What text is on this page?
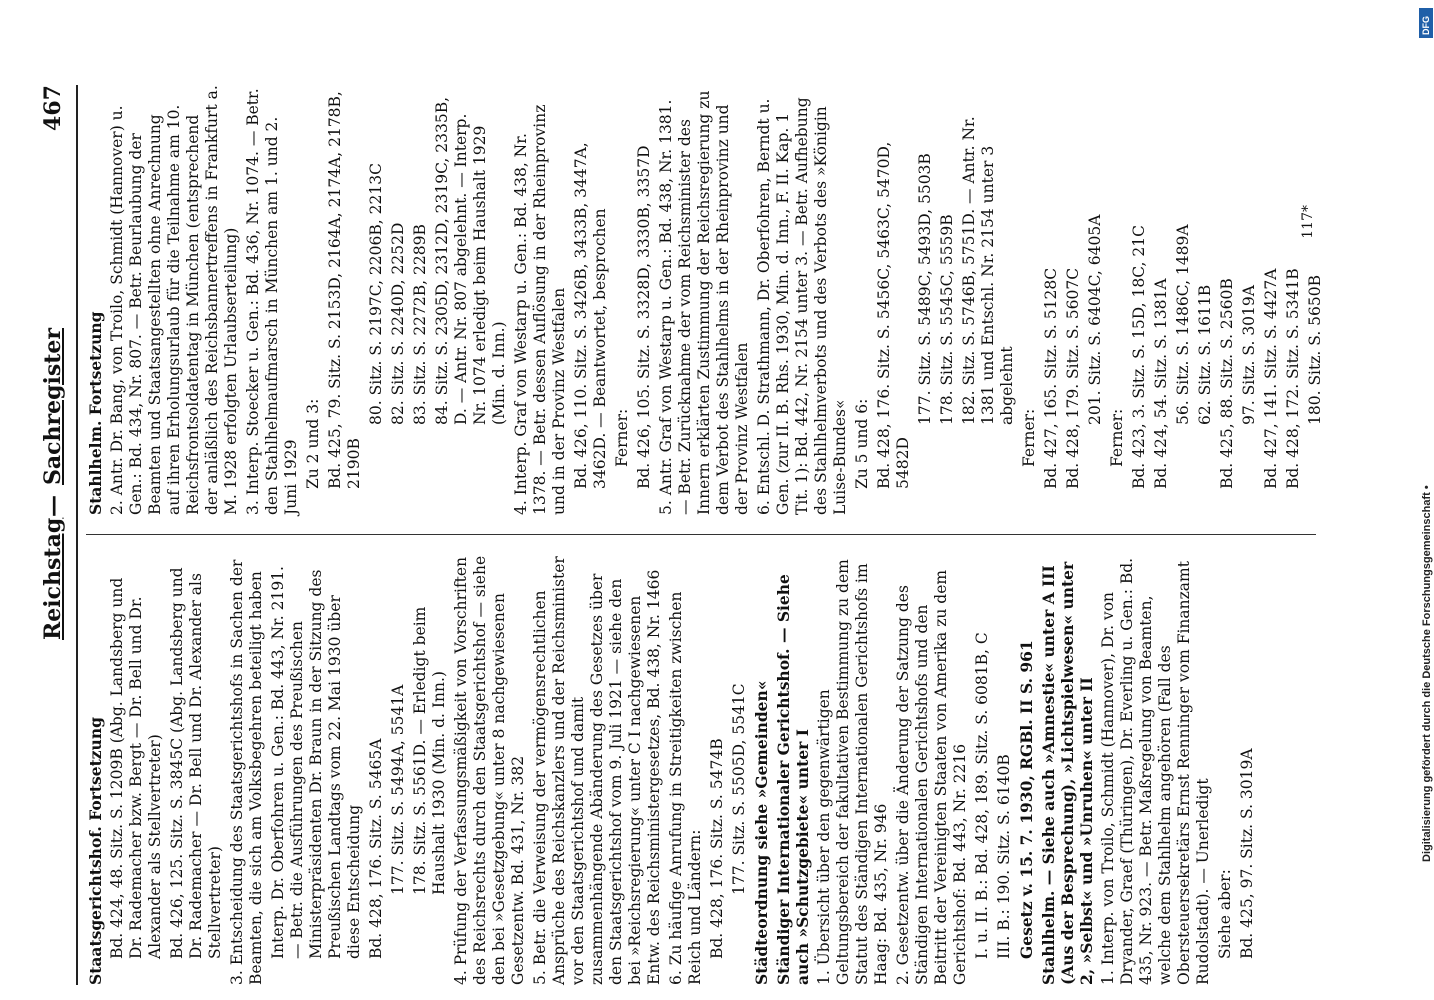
Reichstag
—
Sachregister
467
Staatsgerichtshof. Fortsetzung Bd. 424, 48. Sitz. S. 1209B (Abg. Landsberg und Dr. Rademacher bzw. Bergt — Dr. Bell und Dr. Alexander als Stellvertreter) Bd. 426, 125. Sitz. S. 3845C (Abg. Landsberg und Dr. Rademacher — Dr. Bell und Dr. Alexander als Stellvertreter) 3. Entscheidung des Staatsgerichtshofs in Sachen der Beamten, die sich am Volksbegehren beteiligt haben Interp. Dr. Oberfohren u. Gen.: Bd. 443, Nr. 2191. — Betr. die Ausführungen des Preußischen Ministerpräsidenten Dr. Braun in der Sitzung des Preußischen Landtags vom 22. Mai 1930 über diese Entscheidung Bd. 428, 176. Sitz. S. 5465A 177. Sitz. S. 5494A, 5541A 178. Sitz. S. 5561D. — Erledigt beim Haushalt 1930 (Min. d. Inn.) 4. Prüfung der Verfassungsmäßigkeit von Vorschriften des Reichsrechts durch den Staatsgerichtshof — siehe den bei »Gesetzgebung« unter 8 nachgewiesenen Gesetzentw. Bd. 431, Nr. 382 5. Betr. die Verweisung der vermögensrechtlichen Ansprüche des Reichskanzlers und der Reichsminister vor den Staatsgerichtshof und damit zusammenhängende Abänderung des Gesetzes über den Staatsgerichtshof vom 9. Juli 1921 — siehe den bei »Reichsregierung« unter C I nachgewiesenen Entw. des Reichsministergesetzes, Bd. 438, Nr. 1466 6. Zu häufige Anrufung in Streitigkeiten zwischen Reich und Ländern: Bd. 428, 176. Sitz. S. 5474B 177. Sitz. S. 5505D, 5541C Städteordnung siehe »Gemeinden« Ständiger Internationaler Gerichtshof. — Siehe auch »Schutzgebiete« unter I 1. Übersicht über den gegenwärtigen Geltungsbereich der fakultativen Bestimmung zu dem Statut des Ständigen Internationalen Gerichtshofs im Haag: Bd. 435, Nr. 946 2. Gesetzentw. über die Änderung der Satzung des Ständigen Internationalen Gerichtshofs und den Beitritt der Vereinigten Staaten von Amerika zu dem Gerichtshof: Bd. 443, Nr. 2216 I. u. II. B.: Bd. 428, 189. Sitz. S. 6081B, C III. B.: 190. Sitz. S. 6140B Gesetz v. 15. 7. 1930, RGBl. II S. 961 Stahlhelm. — Siehe auch »Amnestie« unter A III (Aus der Besprechung), »Lichtspielwesen« unter 2, »Selbst« und »Unruhen« unter II 1. Interp. von Troilo, Schmidt (Hannover), Dr. von Dryander, Graef (Thüringen), Dr. Everling u. Gen.: Bd. 435, Nr. 923. — Betr. Maßregelung von Beamten, welche dem Stahlhelm angehören (Fall des Obersteuersekretärs Ernst Renninger vom Finanzamt Rudolstadt). — Unerledigt Siehe aber: Bd. 425, 97. Sitz. S. 3019A
Stahlhelm. Fortsetzung 2. Antr. Dr. Bang, von Troilo, Schmidt (Hannover) u. Gen.: Bd. 434, Nr. 807. — Betr. Beurlaubung der Beamten und Staatsangestellten ohne Anrechnung auf ihren Erholungsurlaub für die Teilnahme am 10. Reichsfrontsoldatentag in München (entsprechend der anläßlich des Reichsbannertreffens in Frankfurt a. M. 1928 erfolgten Urlaubserteilung) 3. Interp. Stoecker u. Gen.: Bd. 436, Nr. 1074. — Betr. den Stahlhelmaufmarsch in München am 1. und 2. Juni 1929 Zu 2 und 3: Bd. 425, 79. Sitz. S. 2153D, 2164A, 2174A, 2178B, 2190B
80. Sitz. S. 2197C, 2206B, 2213C 82. Sitz. S. 2240D, 2252D 83. Sitz. S. 2272B, 2289B 84. Sitz. S. 2305D, 2312D, 2319C, 2335B, D. — Antr. Nr. 807 abgelehnt. — Interp. Nr. 1074 erledigt beim Haushalt 1929 (Min. d. Inn.) 4. Interp. Graf von Westarp u. Gen.: Bd. 438, Nr. 1378. — Betr. dessen Auflösung in der Rheinprovinz und in der Provinz Westfalen Bd. 426, 110. Sitz. S. 3426B, 3433B, 3447A, 3462D. — Beantwortet, besprochen Ferner: Bd. 426, 105. Sitz. S. 3328D, 3330B, 3357D 5. Antr. Graf von Westarp u. Gen.: Bd. 438, Nr. 1381. — Betr. Zurücknahme der vom Reichsminister des Innern erklärten Zustimmung der Reichsregierung zu dem Verbot des Stahlhelms in der Rheinprovinz und der Provinz Westfalen 6. Entschl. D. Strathmann, Dr. Oberfohren, Berndt u. Gen. (zur II. B. Rhs. 1930, Min. d. Inn., F. II. Kap. 1 Tit. 1): Bd. 442, Nr. 2154 unter 3. — Betr. Aufhebung des Stahlhelmverbots und des Verbots des »Königin Luise-Bundes« Zu 5 und 6: Bd. 428, 176. Sitz. S. 5456C, 5463C, 5470D, 5482D
177. Sitz. S. 5489C, 5493D, 5503B 178. Sitz. S. 5545C, 5559B 182. Sitz. S. 5746B, 5751D. — Antr. Nr. 1381 und Entschl. Nr. 2154 unter 3 abgelehnt
Ferner: Bd. 427, 165. Sitz. S. 5128C Bd. 428, 179. Sitz. S. 5607C 201. Sitz. S. 6404C, 6405A
Ferner: Bd. 423, 3. Sitz. S. 15D, 18C, 21C Bd. 424, 54. Sitz. S. 1381A 56. Sitz. S. 1486C, 1489A 62. Sitz. S. 1611B Bd. 425, 88. Sitz. S. 2560B 97. Sitz. S. 3019A Bd. 427, 141. Sitz. S. 4427A Bd. 428, 172. Sitz. S. 5341B 180. Sitz. S. 5650B
117*
DFG
Digitalisierung gefördert durch die Deutsche Forschungsgemeinschaft •
